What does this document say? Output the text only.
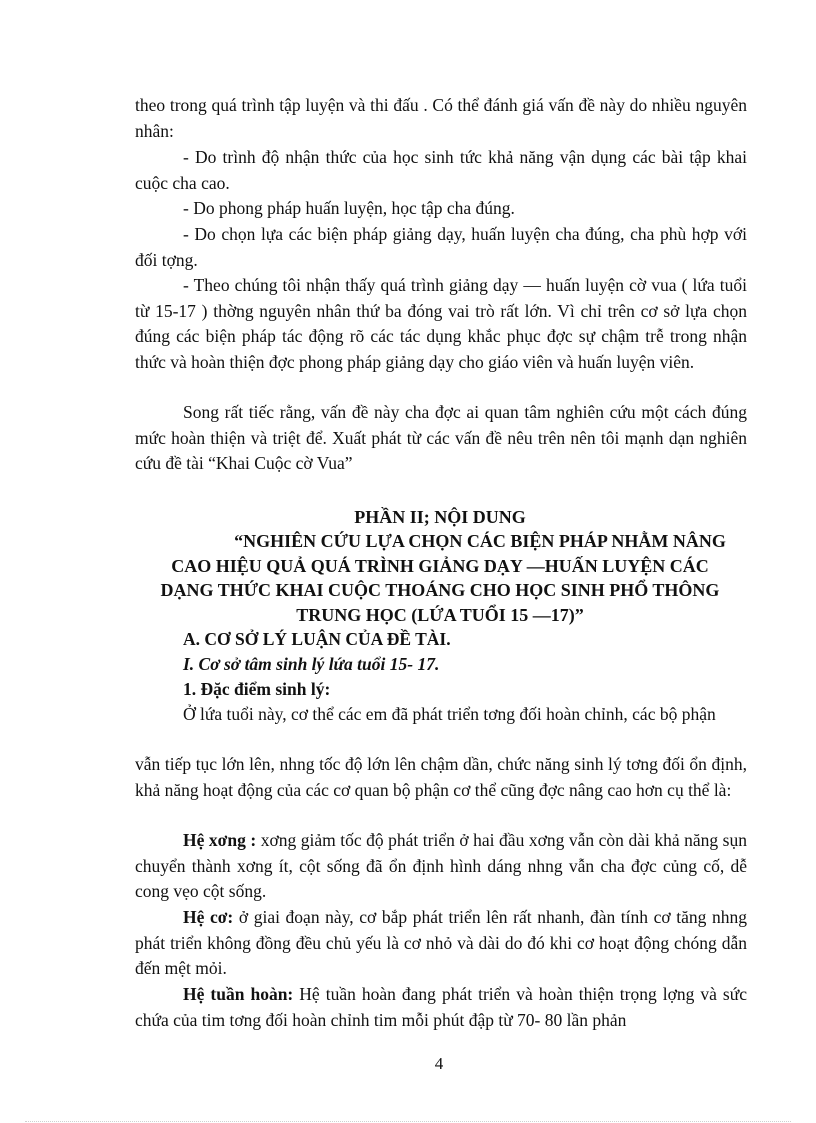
theo trong quá trình tập luyện và thi đấu . Có thể đánh giá vấn đề này do nhiều nguyên nhân:

- Do trình độ nhận thức của học sinh tức khả năng vận dụng các bài tập khai cuộc cha cao.

- Do phong pháp huấn luyện, học tập cha đúng.

- Do chọn lựa các biện pháp giảng dạy, huấn luyện cha đúng, cha phù hợp với đối tợng.

- Theo chúng tôi nhận thấy quá trình giảng dạy — huấn luyện cờ vua ( lứa tuổi từ 15-17 ) thờng nguyên nhân thứ ba đóng vai trò rất lớn. Vì chỉ trên cơ sở lựa chọn đúng các biện pháp tác động rõ các tác dụng khắc phục đợc sự chậm trễ trong nhận thức và hoàn thiện đợc phong pháp giảng dạy cho giáo viên và huấn luyện viên.

Song rất tiếc rằng, vấn đề này cha đợc ai quan tâm nghiên cứu một cách đúng mức hoàn thiện và triệt để. Xuất phát từ các vấn đề nêu trên nên tôi mạnh dạn nghiên cứu đề tài “Khai Cuộc cờ Vua”

PHẦN II; NỘI DUNG

“NGHIÊN CỨU LỰA CHỌN CÁC BIỆN PHÁP NHẰM NÂNG

CAO HIỆU QUẢ QUÁ TRÌNH GIẢNG DẠY —HUẤN LUYỆN CÁC

DẠNG THỨC KHAI CUỘC THOÁNG CHO HỌC SINH PHỔ THÔNG

TRUNG HỌC (LỨA TUỔI 15 —17)”

A. CƠ SỞ LÝ LUẬN CỦA ĐỀ TÀI.

I. Cơ sở tâm sinh lý lứa tuổi 15- 17.

1. Đặc điểm sinh lý:

Ở lứa tuổi này, cơ thể các em đã phát triển tơng đối hoàn chỉnh, các bộ phận

vẫn tiếp tục lớn lên, nhng tốc độ lớn lên chậm dần, chức năng sinh lý tơng đối ổn định, khả năng hoạt động của các cơ quan bộ phận cơ thể cũng đợc nâng cao hơn cụ thể là:

Hệ xơng : xơng giảm tốc độ phát triển ở hai đầu xơng vẫn còn dài khả năng sụn chuyển thành xơng ít, cột sống đã ổn định hình dáng nhng vẫn cha đợc củng cố, dễ cong vẹo cột sống.

Hệ cơ: ở giai đoạn này, cơ bắp phát triển lên rất nhanh, đàn tính cơ tăng nhng phát triển không đồng đều chủ yếu là cơ nhỏ và dài do đó khi cơ hoạt động chóng dẫn đến mệt mỏi.

Hệ tuần hoàn: Hệ tuần hoàn đang phát triển và hoàn thiện trọng lợng và sức chứa của tim tơng đối hoàn chỉnh tim mỗi phút đập từ 70- 80 lần phản

4
